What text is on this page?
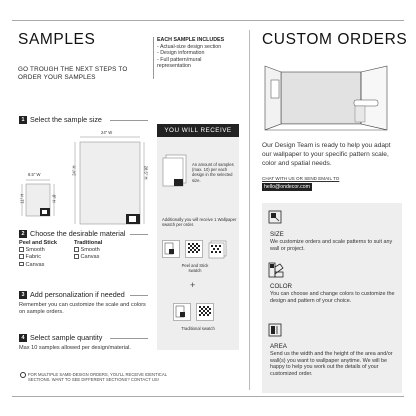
SAMPLES
GO TROUGH THE NEXT STEPS TO ORDER YOUR SAMPLES
EACH SAMPLE INCLUDES
- Actual-size design section
- Design information
- Full pattern/mural representation
1 Select the sample size
24" W
24" H	28.5" H
8.5" W
11" H	8" H
2 Choose the desirable material
Peel and Stick
Smooth
Fabric
Canvas
Traditional
Smooth
Canvas
3 Add personalization if needed
Remember you can customize the scale and colors on sample orders.
4 Select sample quantity
Max 10 samples allowed per design/material.
FOR MULTIPLE SAME-DESIGN ORDERS, YOU'LL RECEIVE IDENTICAL SECTIONS. WANT TO SEE DIFFERENT SECTIONS? CONTACT US!
YOU WILL RECEIVE
An amount of samples (max. 10) per each design in the selected size.
Additionally you will receive 1 Wallpaper swatch per order.
Peel and Stick swatch
+
Traditional swatch
CUSTOM ORDERS
Our Design Team is ready to help you adapt our wallpaper to your specific pattern scale, color and spatial needs.
CHAT WITH US OR SEND EMAIL TO
hello@ondecor.com
SIZE
We customize orders and scale patterns to suit any wall or project.
COLOR
You can choose and change colors to customize the design and pattern of your choice.
AREA
Send us the width and the height of the area and/or wall(s) you want to wallpaper anytime. We will be happy to help you work out the details of your customized order.
